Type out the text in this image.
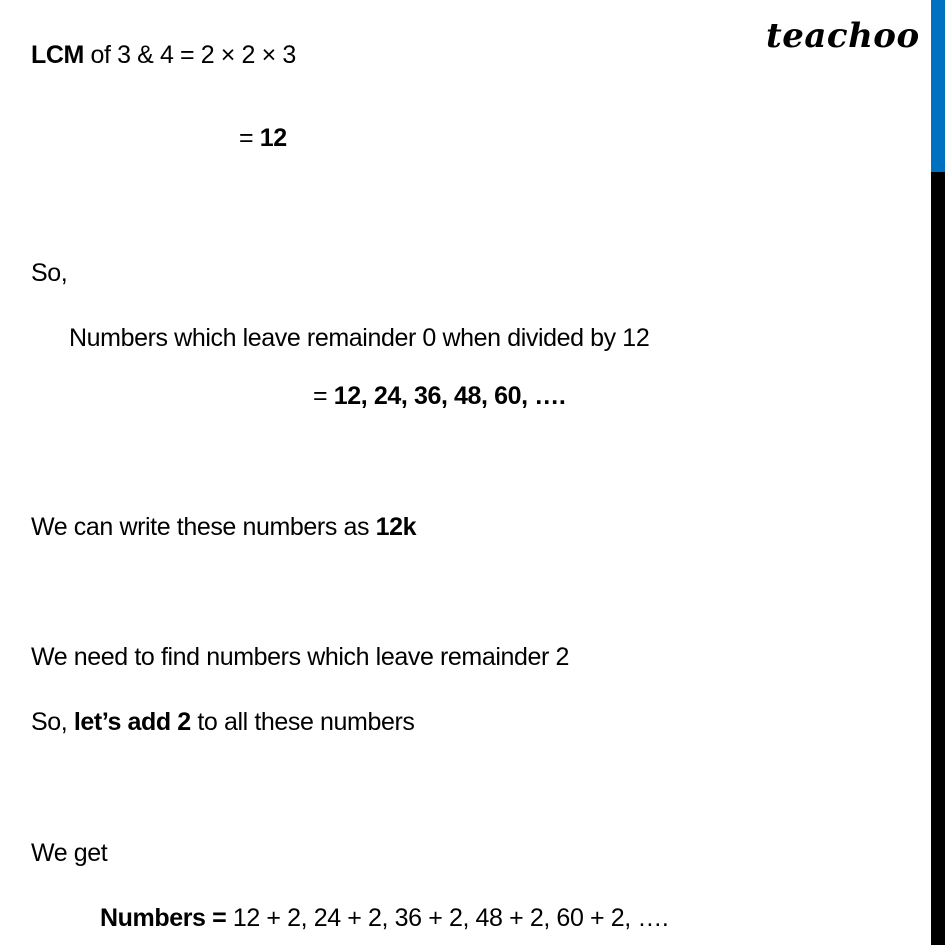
teachoo
LCM of 3 & 4 = 2 × 2 × 3
= 12
So,
Numbers which leave remainder 0 when divided by 12
= 12, 24, 36, 48, 60, ….
We can write these numbers as 12k
We need to find numbers which leave remainder 2
So, let’s add 2 to all these numbers
We get
Numbers = 12 + 2, 24 + 2, 36 + 2, 48 + 2, 60 + 2, ….
